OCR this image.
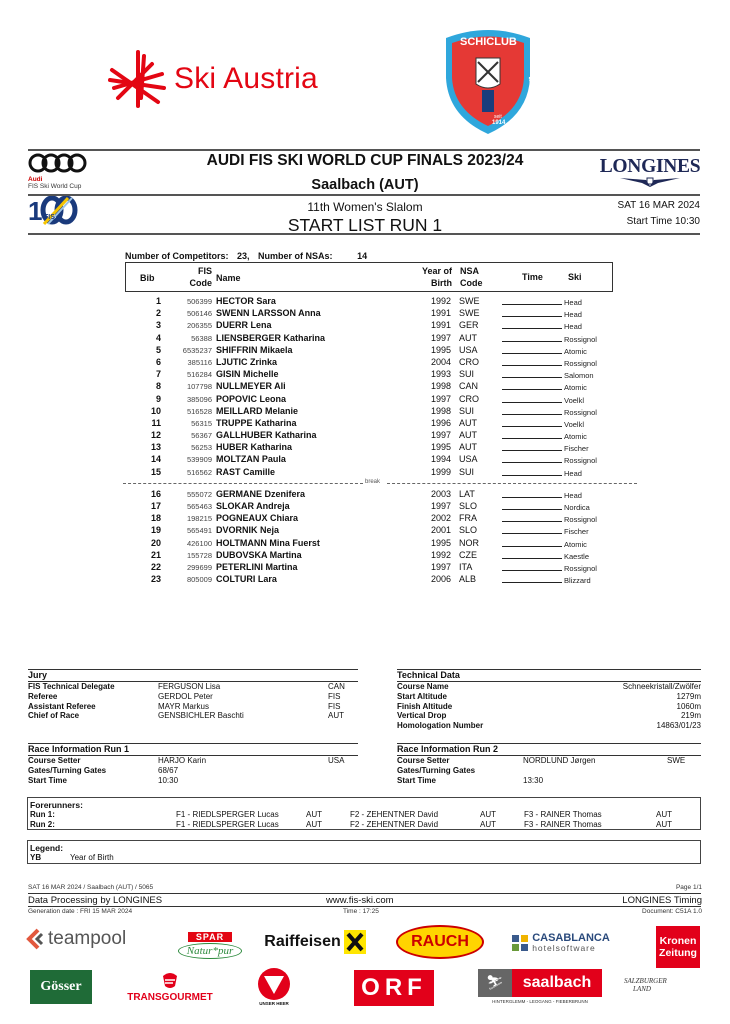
Ski Austria
SCHICLUB
Saalbach	Hinterglemm
seit
1914
Audi
FIS Ski World Cup
AUDI FIS SKI WORLD CUP FINALS 2023/24
Saalbach (AUT)
LONGINES
1 FIS
11th Women's Slalom
START LIST RUN 1
SAT 16 MAR 2024
Start Time 10:30
Number of Competitors: 23, Number of NSAs:	14
Bib
FIS
Code Name
Year of
Birth
NSA
Code
Time	Ski
1	506399 HECTOR Sara	1992 SWE	Head
2	506146 SWENN LARSSON Anna	1991 SWE	Head
3	206355 DUERR Lena	1991 GER	Head
4	56388 LIENSBERGER Katharina	1997 AUT	Rossignol
5	6535237 SHIFFRIN Mikaela	1995 USA	Atomic
6	385116 LJUTIC Zrinka	2004 CRO	Rossignol
7	516284 GISIN Michelle	1993 SUI	Salomon
8	107798 NULLMEYER Ali	1998 CAN	Atomic
9	385096 POPOVIC Leona	1997 CRO	Voelkl
10	516528 MEILLARD Melanie	1998 SUI	Rossignol
11	56315 TRUPPE Katharina	1996 AUT	Voelkl
12	56367 GALLHUBER Katharina	1997 AUT	Atomic
13	56253 HUBER Katharina	1995 AUT	Fischer
14	539909 MOLTZAN Paula	1994 USA	Rossignol
15	516562 RAST Camille	1999 SUI	Head
break
16	555072 GERMANE Dzenifera	2003 LAT	Head
17	565463 SLOKAR Andreja	1997 SLO	Nordica
18	198215 POGNEAUX Chiara	2002 FRA	Rossignol
19	565491 DVORNIK Neja	2001 SLO	Fischer
20	426100 HOLTMANN Mina Fuerst	1995 NOR	Atomic
21	155728 DUBOVSKA Martina	1992 CZE	Kaestle
22	299699 PETERLINI Martina	1997 ITA	Rossignol
23	805009 COLTURI Lara	2006 ALB	Blizzard
Jury
FIS Technical Delegate	FERGUSON Lisa	CAN
Referee	GERDOL Peter	FIS
Assistant Referee	MAYR Markus	FIS
Chief of Race	GENSBICHLER Baschti	AUT
Technical Data
Course Name	Schneekristall/Zwölfer
Start Altitude	1279m
Finish Altitude	1060m
Vertical Drop	219m
Homologation Number	14863/01/23
Race Information Run 1
Course Setter	HARJO Karin	USA
Gates/Turning Gates	68/67
Start Time	10:30
Race Information Run 2
Course Setter	NORDLUND Jørgen	SWE
Gates/Turning Gates
Start Time	13:30
Forerunners:
Run 1:	F1 - RIEDLSPERGER Lucas	AUT	F2 - ZEHENTNER David	AUT	F3 - RAINER Thomas	AUT
Run 2:	F1 - RIEDLSPERGER Lucas	AUT	F2 - ZEHENTNER David	AUT	F3 - RAINER Thomas	AUT
Legend:
YB	Year of Birth
SAT 16 MAR 2024 / Saalbach (AUT) / 5065	Page 1/1
Data Processing by LONGINES	www.fis-ski.com	LONGINES Timing
Generation date : FRI 15 MAR 2024	Time : 17:25	Document: C51A 1.0
teampool	SPAR
Natur*pur
Raiffeisen	RAUCH	CASABLANCA
hotelsoftware
Kronen
Zeitung
Gösser
TRANSGOURMET
UNSER HEER
ORF	⛷	saalbach
HINTERGLEMM - LEOGANG - FIEBERBRUNN
SALZBURGER LAND
